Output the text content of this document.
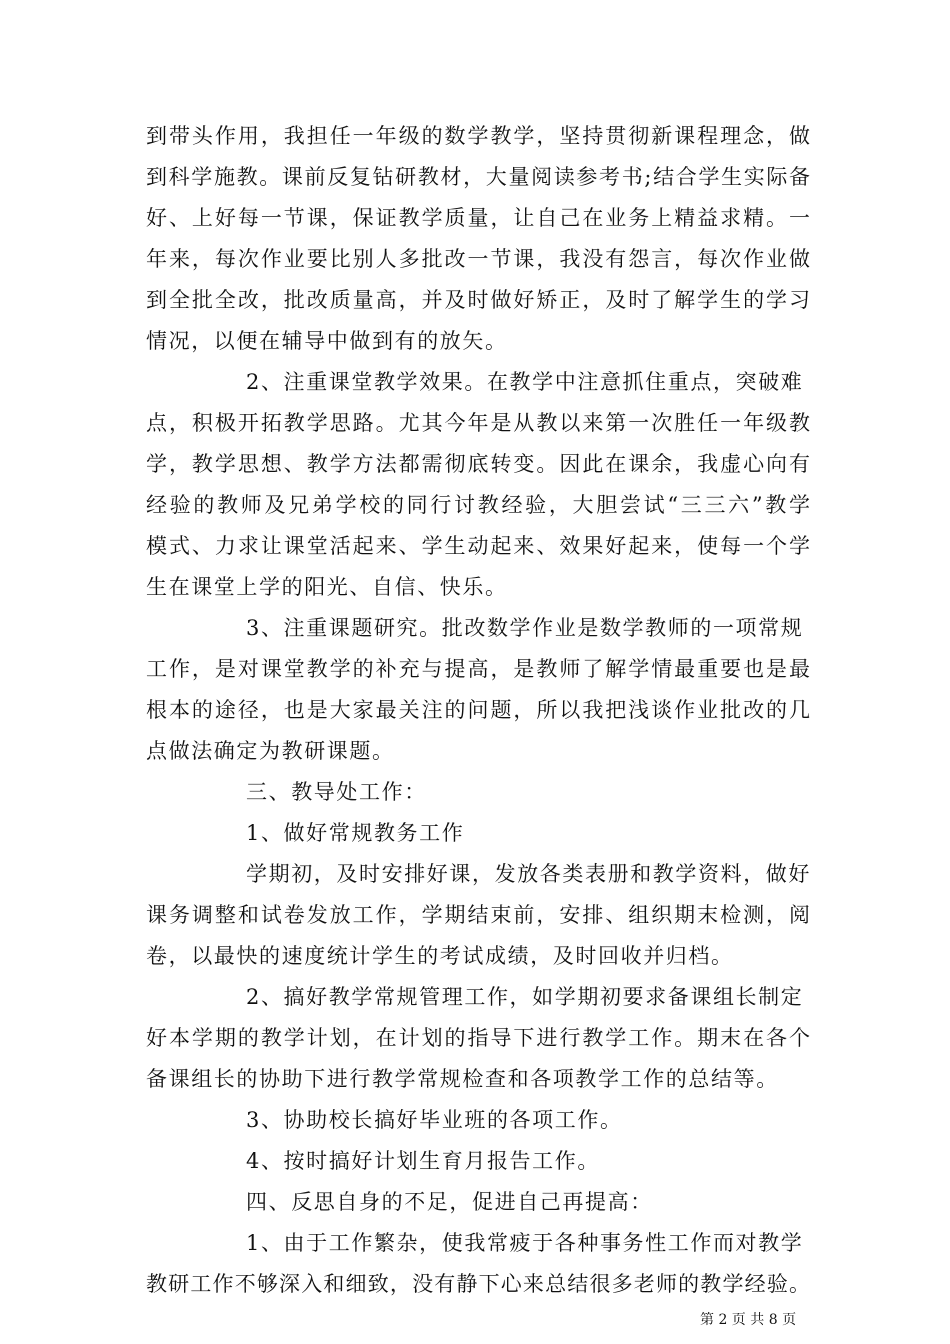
到带头作用，我担任一年级的数学教学，坚持贯彻新课程理念，做
到科学施教。课前反复钻研教材，大量阅读参考书;结合学生实际备
好、上好每一节课，保证教学质量，让自己在业务上精益求精。一
年来，每次作业要比别人多批改一节课，我没有怨言，每次作业做
到全批全改，批改质量高，并及时做好矫正，及时了解学生的学习
情况，以便在辅导中做到有的放矢。
2、注重课堂教学效果。在教学中注意抓住重点，突破难
点，积极开拓教学思路。尤其今年是从教以来第一次胜任一年级教
学，教学思想、教学方法都需彻底转变。因此在课余，我虚心向有
经验的教师及兄弟学校的同行讨教经验，大胆尝试“三三六”教学
模式、力求让课堂活起来、学生动起来、效果好起来，使每一个学
生在课堂上学的阳光、自信、快乐。
3、注重课题研究。批改数学作业是数学教师的一项常规
工作，是对课堂教学的补充与提高，是教师了解学情最重要也是最
根本的途径，也是大家最关注的问题，所以我把浅谈作业批改的几
点做法确定为教研课题。
三、教导处工作：
1、做好常规教务工作
学期初，及时安排好课，发放各类表册和教学资料，做好
课务调整和试卷发放工作，学期结束前，安排、组织期末检测，阅
卷，以最快的速度统计学生的考试成绩，及时回收并归档。
2、搞好教学常规管理工作，如学期初要求备课组长制定
好本学期的教学计划，在计划的指导下进行教学工作。期末在各个
备课组长的协助下进行教学常规检查和各项教学工作的总结等。
3、协助校长搞好毕业班的各项工作。
4、按时搞好计划生育月报告工作。
四、反思自身的不足，促进自己再提高：
1、由于工作繁杂，使我常疲于各种事务性工作而对教学
教研工作不够深入和细致，没有静下心来总结很多老师的教学经验。
第 2 页 共 8 页
